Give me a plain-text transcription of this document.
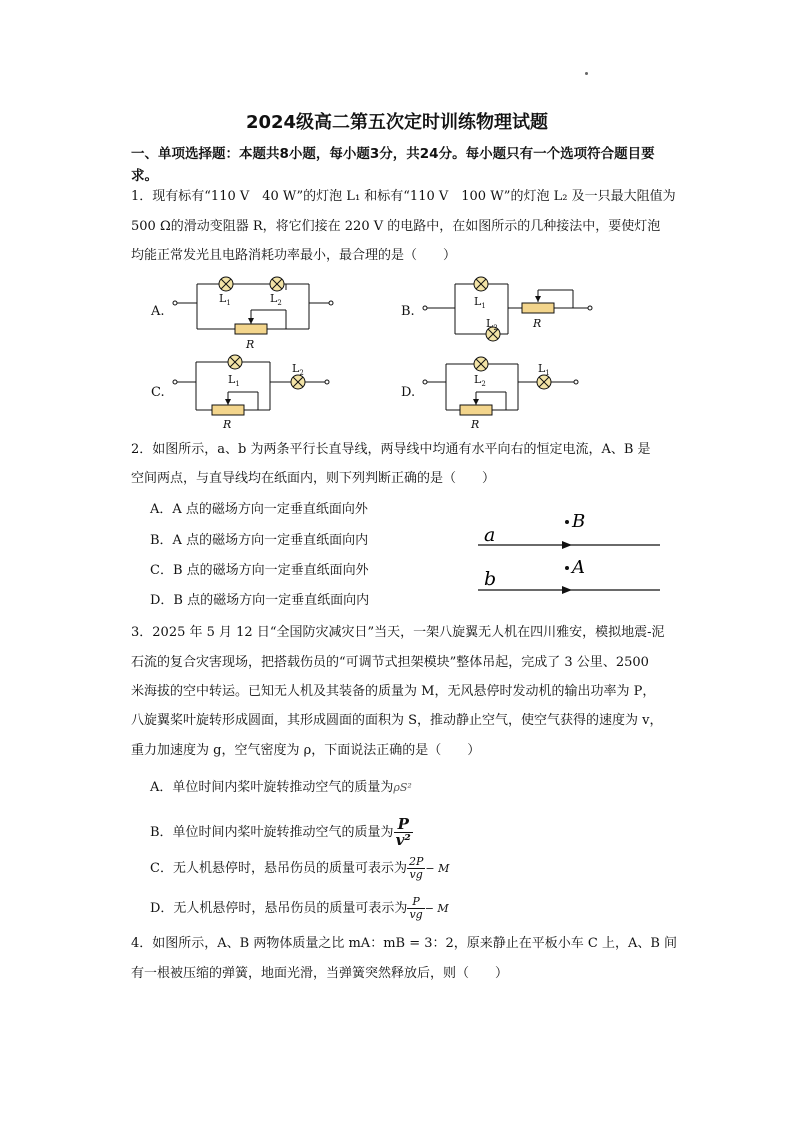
2024级高二第五次定时训练物理试题
一、单项选择题：本题共8小题，每小题3分，共24分。每小题只有一个选项符合题目要求。
1．现有标有“110 V　40 W”的灯泡 L₁ 和标有“110 V　100 W”的灯泡 L₂ 及一只最大阻值为
500 Ω的滑动变阻器 R，将它们接在 220 V 的电路中，在如图所示的几种接法中，要使灯泡
均能正常发光且电路消耗功率最小，最合理的是（　　）
A.	B.
C.	D.
$L_1$	$L_2$
R
$L_1$
$L_2$	R
$L_1$
$L_2$
R
$L_2$
$L_1$
R
2．如图所示，a、b 为两条平行长直导线，两导线中均通有水平向右的恒定电流，A、B 是
空间两点，与直导线均在纸面内，则下列判断正确的是（　　）
A．A 点的磁场方向一定垂直纸面向外
B．A 点的磁场方向一定垂直纸面向内
C．B 点的磁场方向一定垂直纸面向外
D．B 点的磁场方向一定垂直纸面向内
a
b
B
A
3．2025 年 5 月 12 日“全国防灾减灾日”当天，一架八旋翼无人机在四川雅安，模拟地震-泥
石流的复合灾害现场，把搭载伤员的“可调节式担架模块”整体吊起，完成了 3 公里、2500
米海拔的空中转运。已知无人机及其装备的质量为 M，无风悬停时发动机的输出功率为 P，
八旋翼桨叶旋转形成圆面，其形成圆面的面积为 S，推动静止空气，使空气获得的速度为 v，
重力加速度为 g，空气密度为 ρ，下面说法正确的是（　　）
A．单位时间内桨叶旋转推动空气的质量为ρS²
B．单位时间内桨叶旋转推动空气的质量为 $\frac{P}{\text{v²}}$
C．无人机悬停时，悬吊伤员的质量可表示为 $\frac{2P}{vg} - M$
D．无人机悬停时，悬吊伤员的质量可表示为 $\frac{P}{vg} - M$
4．如图所示，A、B 两物体质量之比 mA：mB = 3：2，原来静止在平板小车 C 上，A、B 间
有一根被压缩的弹簧，地面光滑，当弹簧突然释放后，则（　　）
